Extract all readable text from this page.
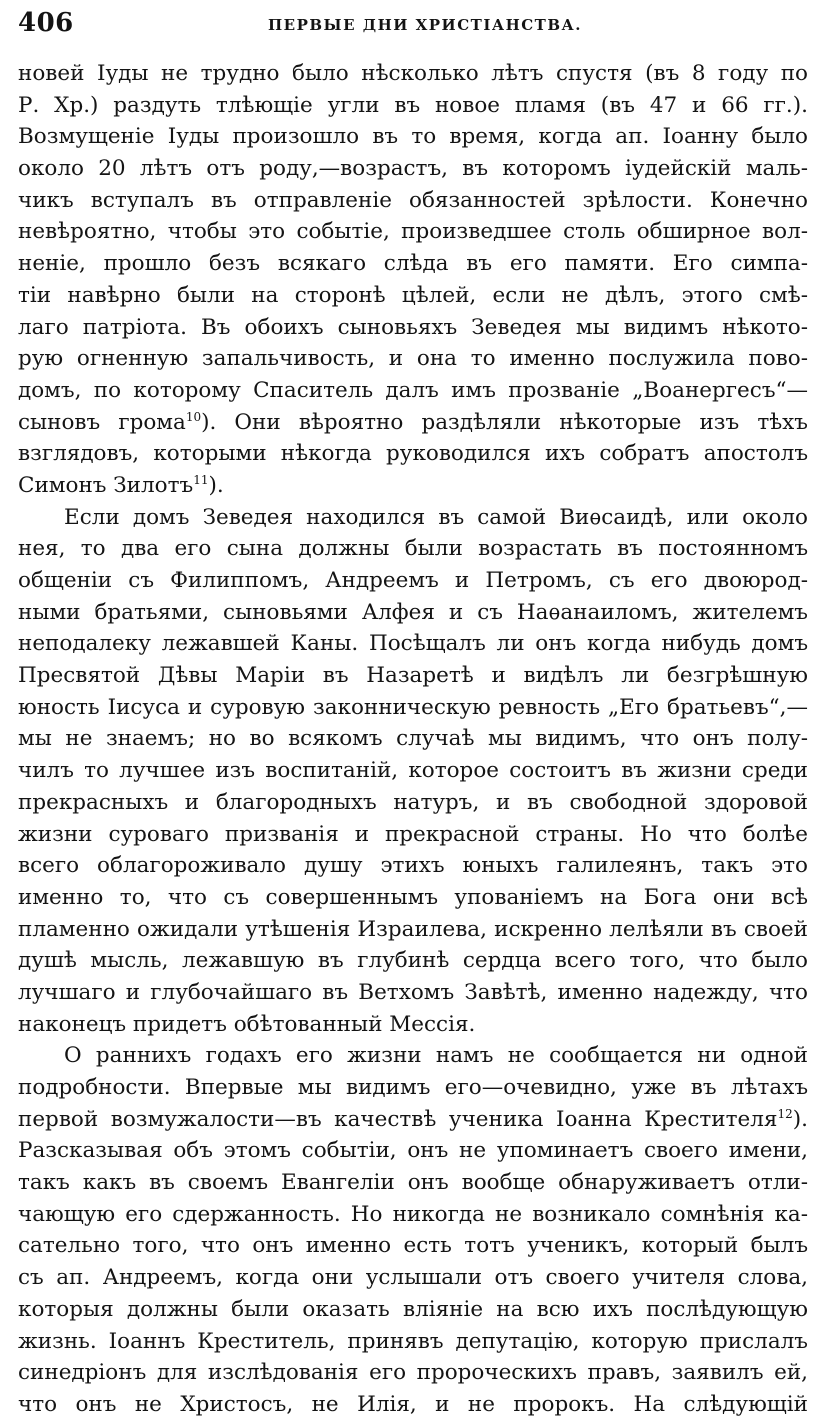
406	ПЕРВЫЕ ДНИ ХРИСТІАНСТВА.
новей Іуды не трудно было нѣсколько лѣтъ спустя (въ 8 году по
Р. Хр.) раздуть тлѣющіе угли въ новое пламя (въ 47 и 66 гг.).
Возмущеніе Іуды произошло въ то время, когда ап. Іоанну было
около 20 лѣтъ отъ роду,—возрастъ, въ которомъ іудейскій маль-
чикъ вступалъ въ отправленіе обязанностей зрѣлости. Конечно
невѣроятно, чтобы это событіе, произведшее столь обширное вол-
неніе, прошло безъ всякаго слѣда въ его памяти. Его симпа-
тіи навѣрно были на сторонѣ цѣлей, если не дѣлъ, этого смѣ-
лаго патріота. Въ обоихъ сыновьяхъ Зеведея мы видимъ нѣкото-
рую огненную запальчивость, и она то именно послужила пово-
домъ, по которому Спаситель далъ имъ прозваніе „Воанергесъ“—
сыновъ грома$^{10}$). Они вѣроятно раздѣляли нѣкоторые изъ тѣхъ
взглядовъ, которыми нѣкогда руководился ихъ собратъ апостолъ
Симонъ Зилотъ$^{11}$).
Если домъ Зеведея находился въ самой Виѳсаидѣ, или около
нея, то два его сына должны были возрастать въ постоянномъ
общеніи съ Филиппомъ, Андреемъ и Петромъ, съ его двоюрод-
ными братьями, сыновьями Алфея и съ Наѳанаиломъ, жителемъ
неподалеку лежавшей Каны. Посѣщалъ ли онъ когда нибудь домъ
Пресвятой Дѣвы Маріи въ Назаретѣ и видѣлъ ли безгрѣшную
юность Іисуса и суровую законническую ревность „Его братьевъ“,—
мы не знаемъ; но во всякомъ случаѣ мы видимъ, что онъ полу-
чилъ то лучшее изъ воспитаній, которое состоитъ въ жизни среди
прекрасныхъ и благородныхъ натуръ, и въ свободной здоровой
жизни суроваго призванія и прекрасной страны. Но что болѣе
всего облагороживало душу этихъ юныхъ галилеянъ, такъ это
именно то, что съ совершеннымъ упованіемъ на Бога они всѣ
пламенно ожидали утѣшенія Израилева, искренно лелѣяли въ своей
душѣ мысль, лежавшую въ глубинѣ сердца всего того, что было
лучшаго и глубочайшаго въ Ветхомъ Завѣтѣ, именно надежду, что
наконецъ придетъ обѣтованный Мессія.
О раннихъ годахъ его жизни намъ не сообщается ни одной
подробности. Впервые мы видимъ его—очевидно, уже въ лѣтахъ
первой возмужалости—въ качествѣ ученика Іоанна Крестителя$^{12}$).
Разсказывая объ этомъ событіи, онъ не упоминаетъ своего имени,
такъ какъ въ своемъ Евангеліи онъ вообще обнаруживаетъ отли-
чающую его сдержанность. Но никогда не возникало сомнѣнія ка-
сательно того, что онъ именно есть тотъ ученикъ, который былъ
съ ап. Андреемъ, когда они услышали отъ своего учителя слова,
которыя должны были оказать вліяніе на всю ихъ послѣдующую
жизнь. Іоаннъ Креститель, принявъ депутацію, которую прислалъ
синедріонъ для изслѣдованія его пророческихъ правъ, заявилъ ей,
что онъ не Христосъ, не Илія, и не пророкъ. На слѣдующій
